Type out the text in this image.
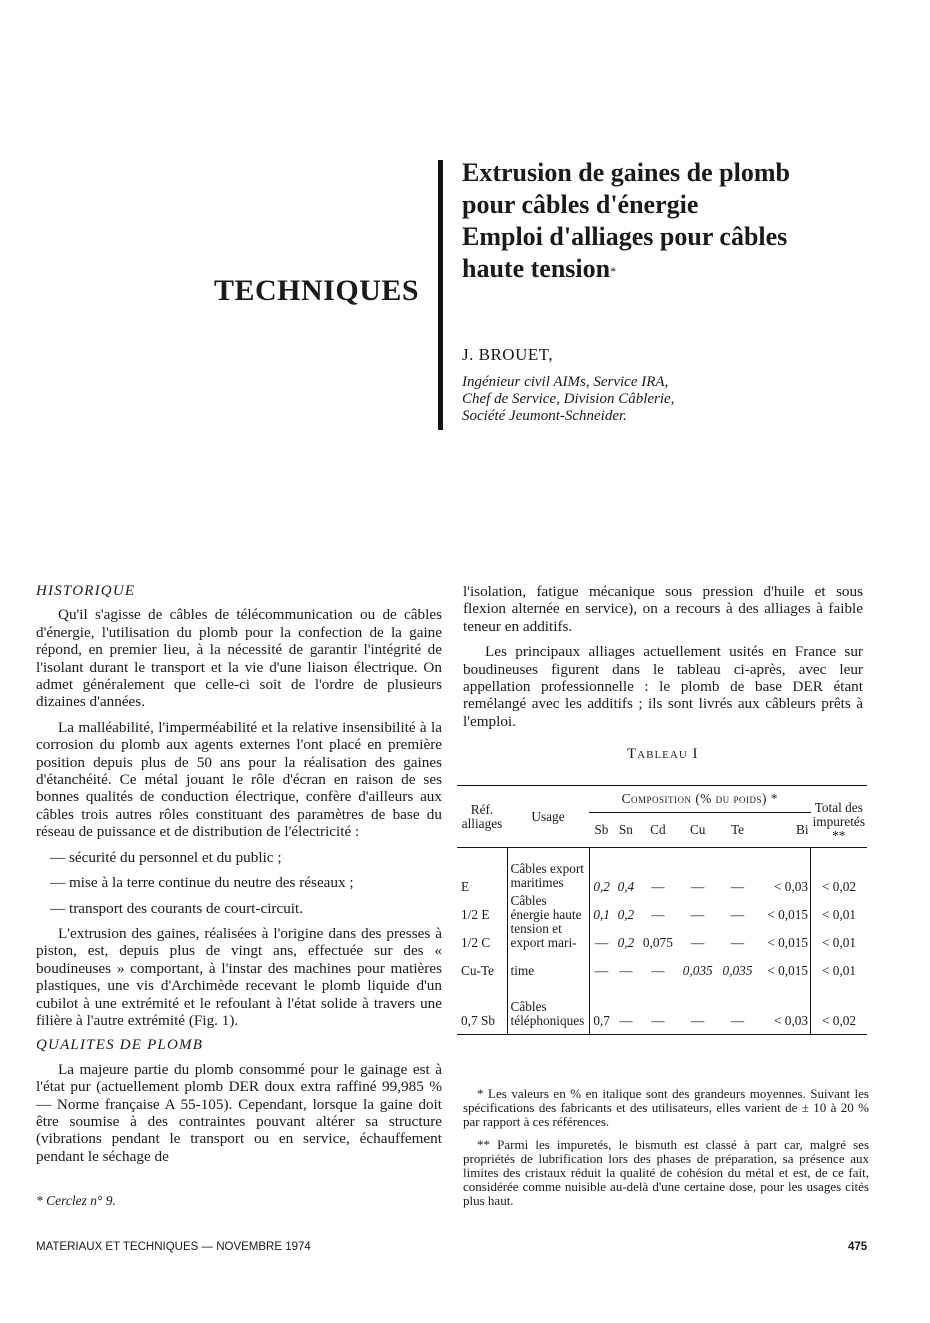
TECHNIQUES
Extrusion de gaines de plomb
pour câbles d'énergie
Emploi d'alliages pour câbles
haute tension*
J. BROUET,
Ingénieur civil AIMs, Service IRA,
Chef de Service, Division Câblerie,
Société Jeumont-Schneider.
HISTORIQUE

Qu'il s'agisse de câbles de télécommunication ou de câbles d'énergie, l'utilisation du plomb pour la confection de la gaine répond, en premier lieu, à la nécessité de garantir l'intégrité de l'isolant durant le transport et la vie d'une liaison électrique. On admet généralement que celle-ci soit de l'ordre de plusieurs dizaines d'années.

La malléabilité, l'imperméabilité et la relative insensibilité à la corrosion du plomb aux agents externes l'ont placé en première position depuis plus de 50 ans pour la réalisation des gaines d'étanchéité. Ce métal jouant le rôle d'écran en raison de ses bonnes qualités de conduction électrique, confère d'ailleurs aux câbles trois autres rôles constituant des paramètres de base du réseau de puissance et de distribution de l'électricité :

— sécurité du personnel et du public ;

— mise à la terre continue du neutre des réseaux ;

— transport des courants de court-circuit.

L'extrusion des gaines, réalisées à l'origine dans des presses à piston, est, depuis plus de vingt ans, effectuée sur des « boudineuses » comportant, à l'instar des machines pour matières plastiques, une vis d'Archimède recevant le plomb liquide d'un cubilot à une extrémité et le refoulant à l'état solide à travers une filière à l'autre extrémité (Fig. 1).

QUALITES DE PLOMB

La majeure partie du plomb consommé pour le gainage est à l'état pur (actuellement plomb DER doux extra raffiné 99,985 % — Norme française A 55-105). Cependant, lorsque la gaine doit être soumise à des contraintes pouvant altérer sa structure (vibrations pendant le transport ou en service, échauffement pendant le séchage de

* Cerclez n° 9.

l'isolation, fatigue mécanique sous pression d'huile et sous flexion alternée en service), on a recours à des alliages à faible teneur en additifs.

Les principaux alliages actuellement usités en France sur boudineuses figurent dans le tableau ci-après, avec leur appellation professionnelle : le plomb de base DER étant remélangé avec les additifs ; ils sont livrés aux câbleurs prêts à l'emploi.

Tableau I
Réf. alliages	Usage	Composition (% du poids) *						Total des impuretés **
		Sb	Sn	Cd	Cu	Te	Bi	
E	Câbles export maritimes	0,2	0,4	—	—	—	< 0,03	< 0,02
1/2 E	Câbles énergie haute	0,1	0,2	—	—	—	< 0,015	< 0,01
1/2 C	tension et export mari-	—	0,2	0,075	—	—	< 0,015	< 0,01
Cu-Te	time	—	—	—	0,035	0,035	< 0,015	< 0,01
0,7 Sb	Câbles téléphoniques	0,7	—	—	—	—	< 0,03	< 0,02

* Les valeurs en % en italique sont des grandeurs moyennes. Suivant les spécifications des fabricants et des utilisateurs, elles varient de ± 10 à 20 % par rapport à ces références.

** Parmi les impuretés, le bismuth est classé à part car, malgré ses propriétés de lubrification lors des phases de préparation, sa présence aux limites des cristaux réduit la qualité de cohésion du métal et est, de ce fait, considérée comme nuisible au-delà d'une certaine dose, pour les usages cités plus haut.

MATERIAUX ET TECHNIQUES — NOVEMBRE 1974	475
